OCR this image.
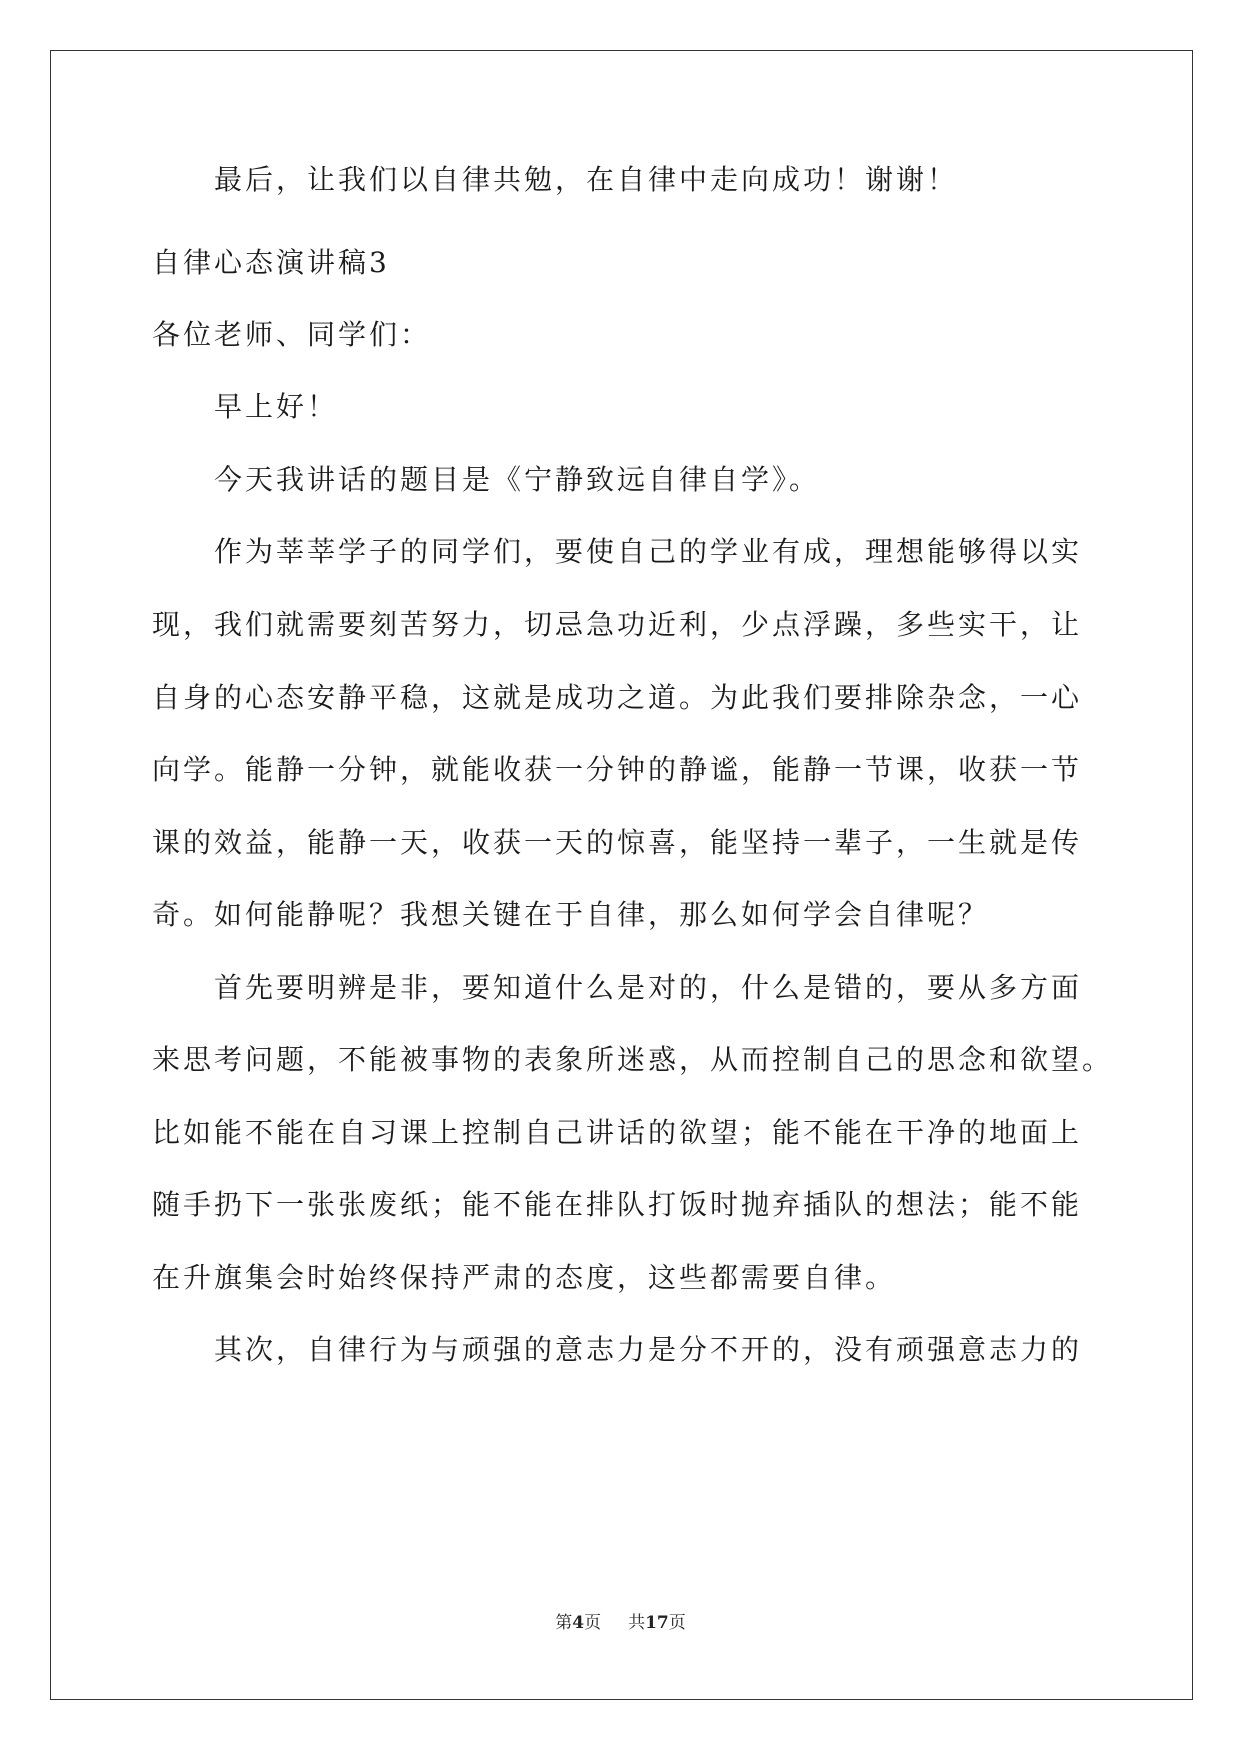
最后，让我们以自律共勉，在自律中走向成功！谢谢！
自律心态演讲稿3
各位老师、同学们：
早上好！
今天我讲话的题目是《宁静致远自律自学》。
作为莘莘学子的同学们，要使自己的学业有成，理想能够得以实
现，我们就需要刻苦努力，切忌急功近利，少点浮躁，多些实干，让
自身的心态安静平稳，这就是成功之道。为此我们要排除杂念，一心
向学。能静一分钟，就能收获一分钟的静谧，能静一节课，收获一节
课的效益，能静一天，收获一天的惊喜，能坚持一辈子，一生就是传
奇。如何能静呢？我想关键在于自律，那么如何学会自律呢？
首先要明辨是非，要知道什么是对的，什么是错的，要从多方面
来思考问题，不能被事物的表象所迷惑，从而控制自己的思念和欲望。
比如能不能在自习课上控制自己讲话的欲望；能不能在干净的地面上
随手扔下一张张废纸；能不能在排队打饭时抛弃插队的想法；能不能
在升旗集会时始终保持严肃的态度，这些都需要自律。
其次，自律行为与顽强的意志力是分不开的，没有顽强意志力的
第4页 共17页
